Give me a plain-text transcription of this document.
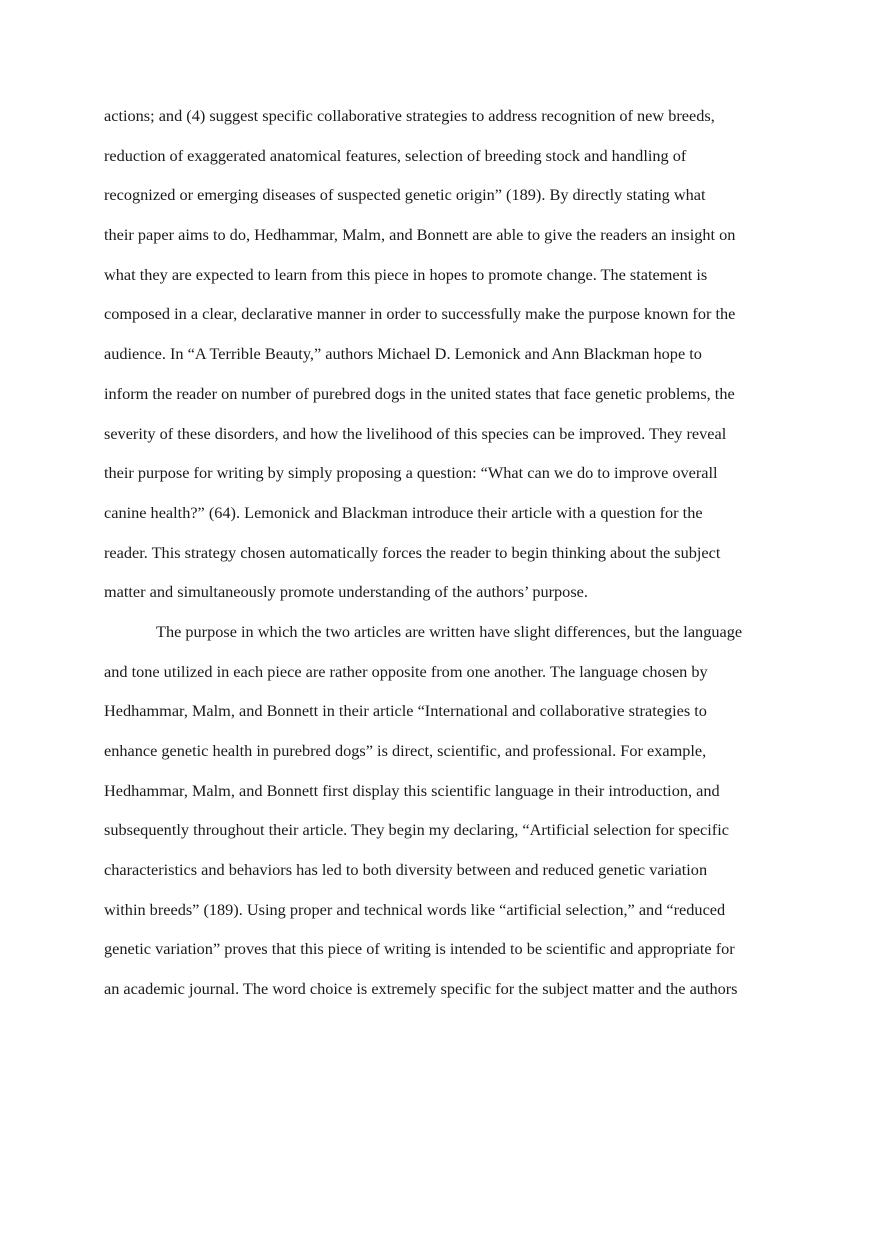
actions; and (4) suggest specific collaborative strategies to address recognition of new breeds,
reduction of exaggerated anatomical features, selection of breeding stock and handling of
recognized or emerging diseases of suspected genetic origin” (189). By directly stating what
their paper aims to do, Hedhammar, Malm, and Bonnett are able to give the readers an insight on
what they are expected to learn from this piece in hopes to promote change. The statement is
composed in a clear, declarative manner in order to successfully make the purpose known for the
audience. In “A Terrible Beauty,” authors Michael D. Lemonick and Ann Blackman hope to
inform the reader on number of purebred dogs in the united states that face genetic problems, the
severity of these disorders, and how the livelihood of this species can be improved. They reveal
their purpose for writing by simply proposing a question: “What can we do to improve overall
canine health?” (64). Lemonick and Blackman introduce their article with a question for the
reader. This strategy chosen automatically forces the reader to begin thinking about the subject
matter and simultaneously promote understanding of the authors’ purpose.
The purpose in which the two articles are written have slight differences, but the language
and tone utilized in each piece are rather opposite from one another. The language chosen by
Hedhammar, Malm, and Bonnett in their article “International and collaborative strategies to
enhance genetic health in purebred dogs” is direct, scientific, and professional. For example,
Hedhammar, Malm, and Bonnett first display this scientific language in their introduction, and
subsequently throughout their article. They begin my declaring, “Artificial selection for specific
characteristics and behaviors has led to both diversity between and reduced genetic variation
within breeds” (189). Using proper and technical words like “artificial selection,” and “reduced
genetic variation” proves that this piece of writing is intended to be scientific and appropriate for
an academic journal. The word choice is extremely specific for the subject matter and the authors
